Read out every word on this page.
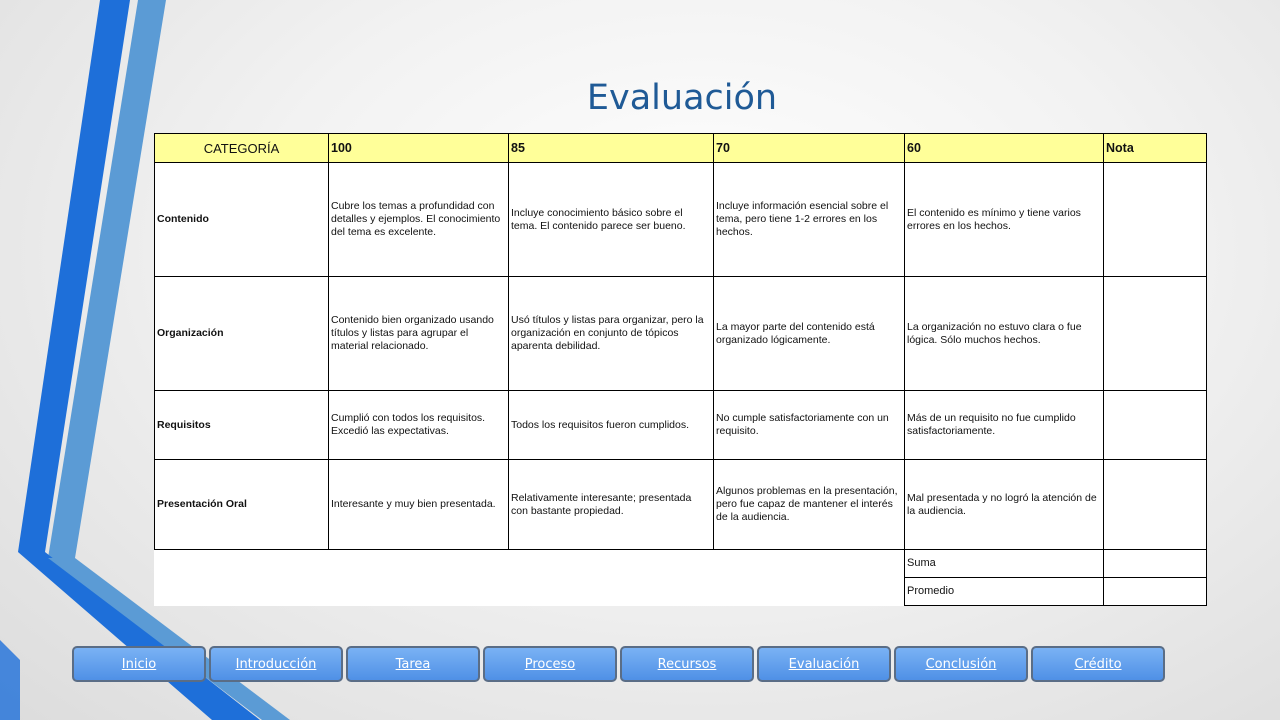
Evaluación
CATEGORÍA	100	85	70	60	Nota
Contenido	Cubre los temas a profundidad con detalles y ejemplos. El conocimiento del tema es excelente.	Incluye conocimiento básico sobre el tema. El contenido parece ser bueno.	Incluye información esencial sobre el tema, pero tiene 1-2 errores en los hechos.	El contenido es mínimo y tiene varios errores en los hechos.	
Organización	Contenido bien organizado usando títulos y listas para agrupar el material relacionado.	Usó títulos y listas para organizar, pero la organización en conjunto de tópicos aparenta debilidad.	La mayor parte del contenido está organizado lógicamente.	La organización no estuvo clara o fue lógica. Sólo muchos hechos.	
Requisitos	Cumplió con todos los requisitos. Excedió las expectativas.	Todos los requisitos fueron cumplidos.	No cumple satisfactoriamente con un requisito.	Más de un requisito no fue cumplido satisfactoriamente.	
Presentación Oral	Interesante y muy bien presentada.	Relativamente interesante; presentada con bastante propiedad.	Algunos problemas en la presentación, pero fue capaz de mantener el interés de la audiencia.	Mal presentada y no logró la atención de la audiencia.	
				Suma	
				Promedio	
Inicio	Introducción	Tarea	Proceso	Recursos	Evaluación	Conclusión	Crédito
